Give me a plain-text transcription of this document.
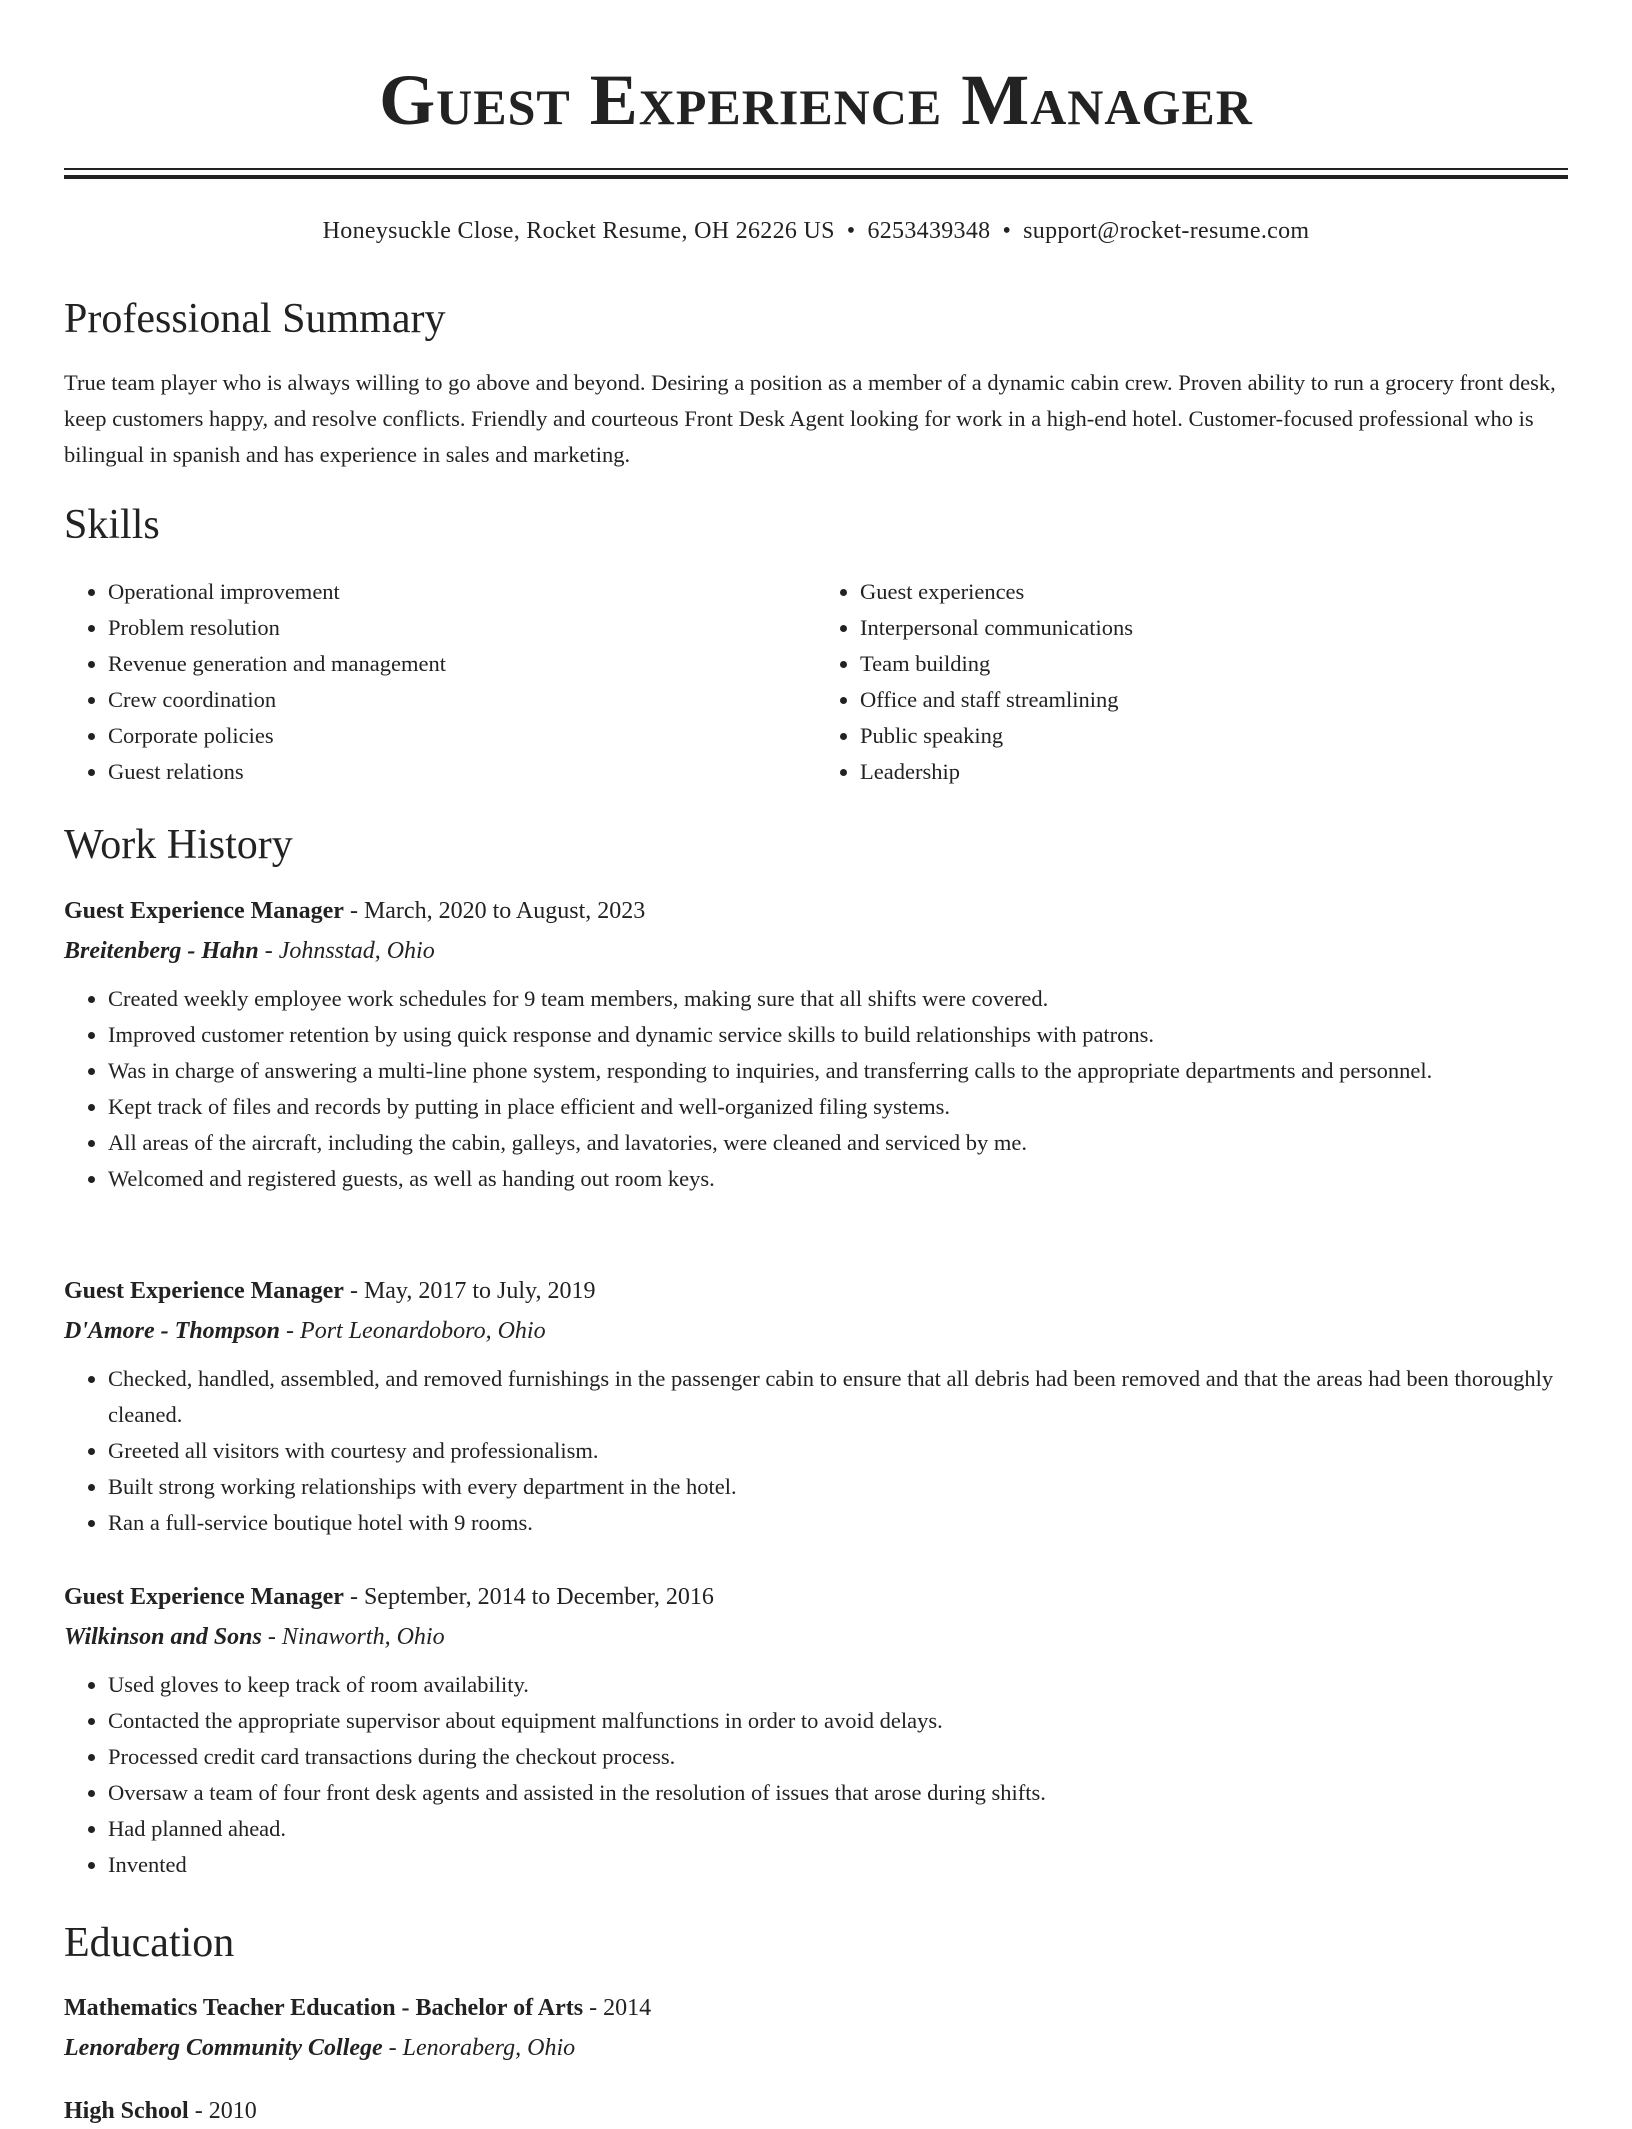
Guest Experience Manager
Honeysuckle Close, Rocket Resume, OH 26226 US • 6253439348 • support@rocket-resume.com
Professional Summary

True team player who is always willing to go above and beyond. Desiring a position as a member of a dynamic cabin crew. Proven ability to run a grocery front desk, keep customers happy, and resolve conflicts. Friendly and courteous Front Desk Agent looking for work in a high-end hotel. Customer-focused professional who is bilingual in spanish and has experience in sales and marketing.

Skills
• Operational improvement
• Problem resolution
• Revenue generation and management
• Crew coordination
• Corporate policies
• Guest relations
• Guest experiences
• Interpersonal communications
• Team building
• Office and staff streamlining
• Public speaking
• Leadership
Work History

Guest Experience Manager - March, 2020 to August, 2023

Breitenberg - Hahn - Johnsstad, Ohio

• Created weekly employee work schedules for 9 team members, making sure that all shifts were covered.
• Improved customer retention by using quick response and dynamic service skills to build relationships with patrons.
• Was in charge of answering a multi-line phone system, responding to inquiries, and transferring calls to the appropriate departments and personnel.
• Kept track of files and records by putting in place efficient and well-organized filing systems.
• All areas of the aircraft, including the cabin, galleys, and lavatories, were cleaned and serviced by me.
• Welcomed and registered guests, as well as handing out room keys.

Guest Experience Manager - May, 2017 to July, 2019

D'Amore - Thompson - Port Leonardoboro, Ohio

• Checked, handled, assembled, and removed furnishings in the passenger cabin to ensure that all debris had been removed and that the areas had been thoroughly cleaned.
• Greeted all visitors with courtesy and professionalism.
• Built strong working relationships with every department in the hotel.
• Ran a full-service boutique hotel with 9 rooms.

Guest Experience Manager - September, 2014 to December, 2016

Wilkinson and Sons - Ninaworth, Ohio

• Used gloves to keep track of room availability.
• Contacted the appropriate supervisor about equipment malfunctions in order to avoid delays.
• Processed credit card transactions during the checkout process.
• Oversaw a team of four front desk agents and assisted in the resolution of issues that arose during shifts.
• Had planned ahead.
• Invented
Education

Mathematics Teacher Education - Bachelor of Arts - 2014

Lenoraberg Community College - Lenoraberg, Ohio

High School - 2010
